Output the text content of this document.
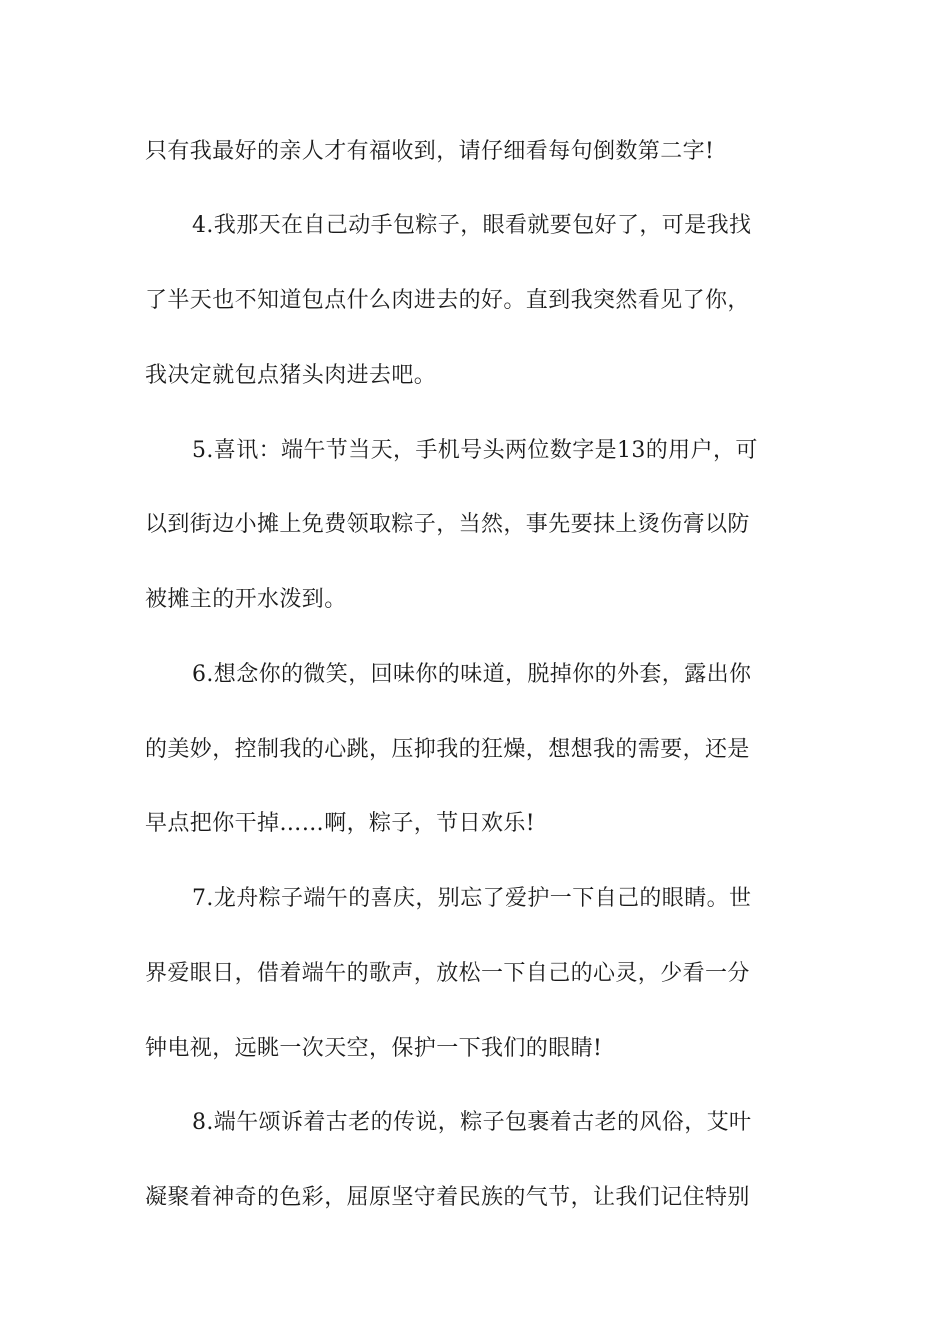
只有我最好的亲人才有福收到，请仔细看每句倒数第二字!
4.我那天在自己动手包粽子，眼看就要包好了，可是我找
了半天也不知道包点什么肉进去的好。直到我突然看见了你，
我决定就包点猪头肉进去吧。
5.喜讯：端午节当天，手机号头两位数字是13的用户，可
以到街边小摊上免费领取粽子，当然，事先要抹上烫伤膏以防
被摊主的开水泼到。
6.想念你的微笑，回味你的味道，脱掉你的外套，露出你
的美妙，控制我的心跳，压抑我的狂燥，想想我的需要，还是
早点把你干掉……啊，粽子，节日欢乐!
7.龙舟粽子端午的喜庆，别忘了爱护一下自己的眼睛。世
界爱眼日，借着端午的歌声，放松一下自己的心灵，少看一分
钟电视，远眺一次天空，保护一下我们的眼睛!
8.端午颂诉着古老的传说，粽子包裹着古老的风俗，艾叶
凝聚着神奇的色彩，屈原坚守着民族的气节，让我们记住特别
